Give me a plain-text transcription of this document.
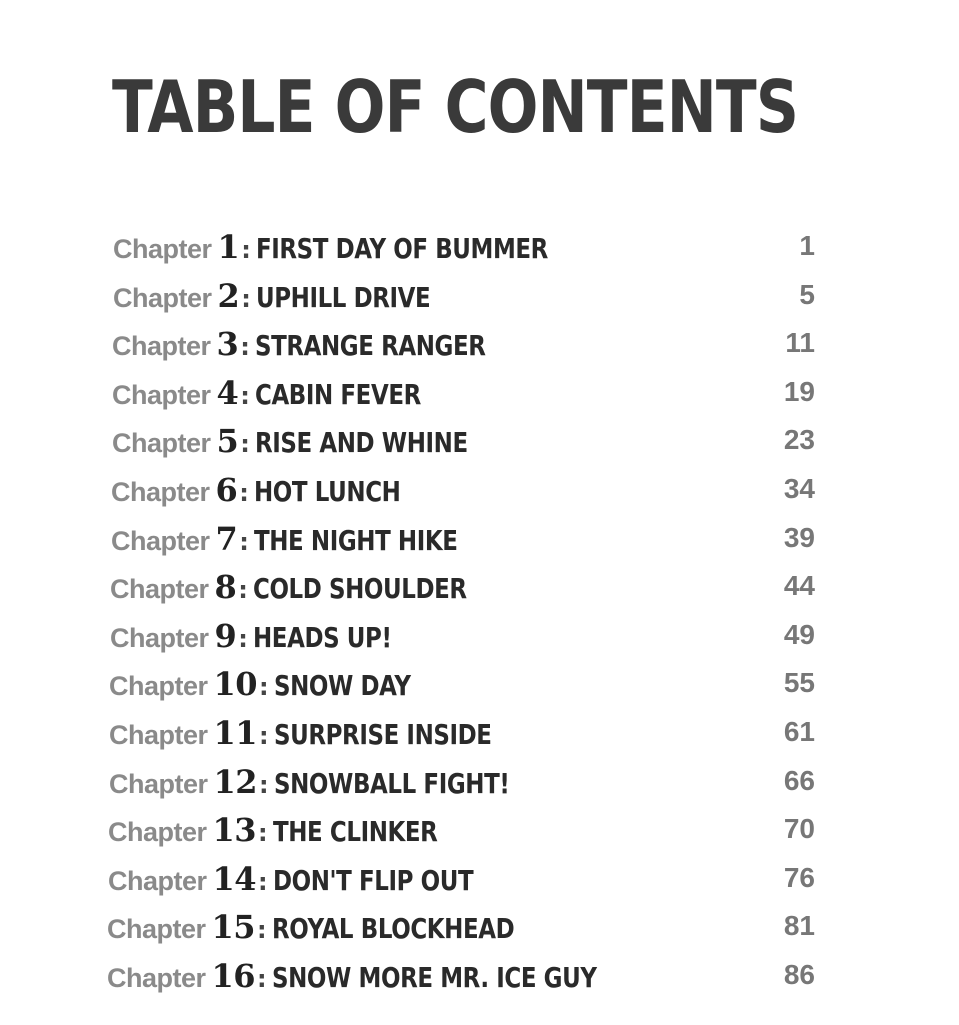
TABLE OF CONTENTS
Chapter 1: FIRST DAY OF BUMMER	1
Chapter 2: UPHILL DRIVE	5
Chapter 3: STRANGE RANGER	11
Chapter 4: CABIN FEVER	19
Chapter 5: RISE AND WHINE	23
Chapter 6: HOT LUNCH	34
Chapter 7: THE NIGHT HIKE	39
Chapter 8: COLD SHOULDER	44
Chapter 9: HEADS UP!	49
Chapter 10: SNOW DAY	55
Chapter 11: SURPRISE INSIDE	61
Chapter 12: SNOWBALL FIGHT!	66
Chapter 13: THE CLINKER	70
Chapter 14: DON'T FLIP OUT	76
Chapter 15: ROYAL BLOCKHEAD	81
Chapter 16: SNOW MORE MR. ICE GUY	86
